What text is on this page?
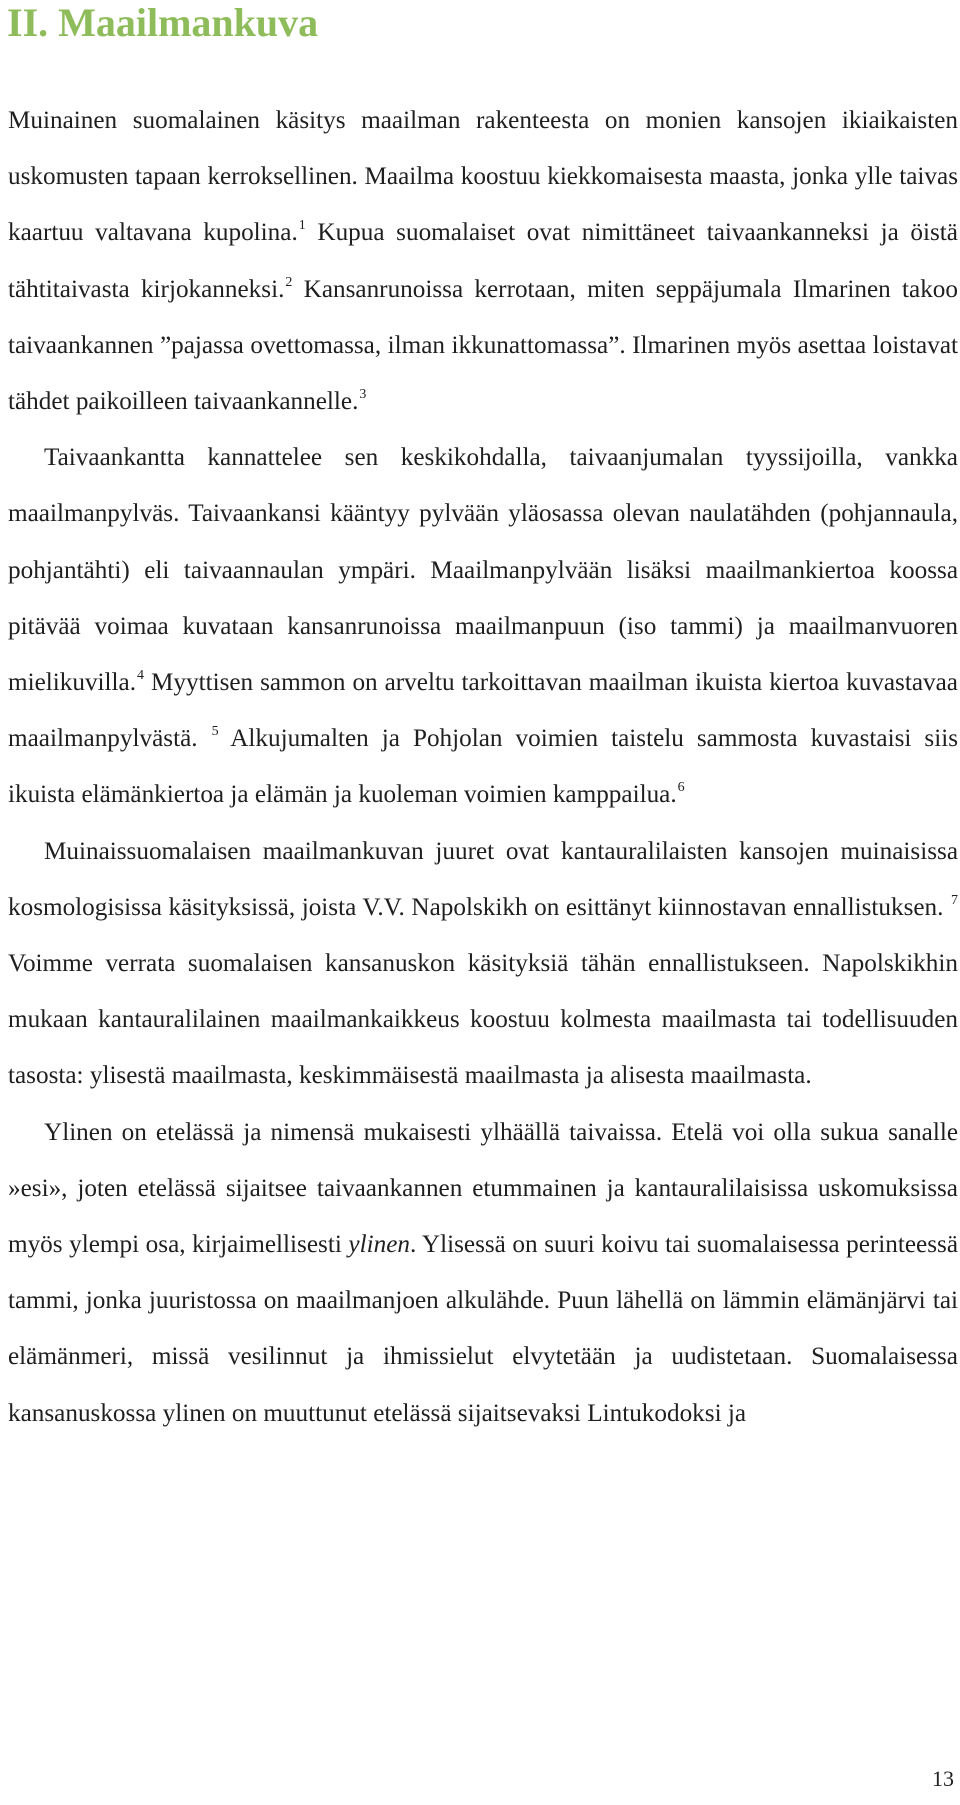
II. Maailmankuva

Muinainen suomalainen käsitys maailman rakenteesta on monien kansojen ikiaikaisten uskomusten tapaan kerroksellinen. Maailma koostuu kiekkomaisesta maasta, jonka ylle taivas kaartuu valtavana kupolina.$^1$ Kupua suomalaiset ovat nimittäneet taivaankanneksi ja öistä tähtitaivasta kirjokanneksi.$^2$ Kansanrunoissa kerrotaan, miten seppäjumala Ilmarinen takoo taivaankannen ”pajassa ovettomassa, ilman ikkunattomassa”. Ilmarinen myös asettaa loistavat tähdet paikoilleen taivaankannelle.$^3$

Taivaankantta kannattelee sen keskikohdalla, taivaanjumalan tyyssijoilla, vankka maailmanpylväs. Taivaankansi kääntyy pylvään yläosassa olevan naulatähden (pohjannaula, pohjantähti) eli taivaannaulan ympäri. Maailmanpylvään lisäksi maailmankiertoa koossa pitävää voimaa kuvataan kansanrunoissa maailmanpuun (iso tammi) ja maailmanvuoren mielikuvilla.$^4$ Myyttisen sammon on arveltu tarkoittavan maailman ikuista kiertoa kuvastavaa maailmanpylvästä. $^5$ Alkujumalten ja Pohjolan voimien taistelu sammosta kuvastaisi siis ikuista elämänkiertoa ja elämän ja kuoleman voimien kamppailua.$^6$

Muinaissuomalaisen maailmankuvan juuret ovat kantauralilaisten kansojen muinaisissa kosmologisissa käsityksissä, joista V.V. Napolskikh on esittänyt kiinnostavan ennallistuksen. $^7$ Voimme verrata suomalaisen kansanuskon käsityksiä tähän ennallistukseen. Napolskikhin mukaan kantauralilainen maailmankaikkeus koostuu kolmesta maailmasta tai todellisuuden tasosta: ylisestä maailmasta, keskimmäisestä maailmasta ja alisesta maailmasta.

Ylinen on etelässä ja nimensä mukaisesti ylhäällä taivaissa. Etelä voi olla sukua sanalle »esi», joten etelässä sijaitsee taivaankannen etummainen ja kantauralilaisissa uskomuksissa myös ylempi osa, kirjaimellisesti ylinen. Ylisessä on suuri koivu tai suomalaisessa perinteessä tammi, jonka juuristossa on maailmanjoen alkulähde. Puun lähellä on lämmin elämänjärvi tai elämänmeri, missä vesilinnut ja ihmissielut elvytetään ja uudistetaan. Suomalaisessa kansanuskossa ylinen on muuttunut etelässä sijaitsevaksi Lintukodoksi ja

13
